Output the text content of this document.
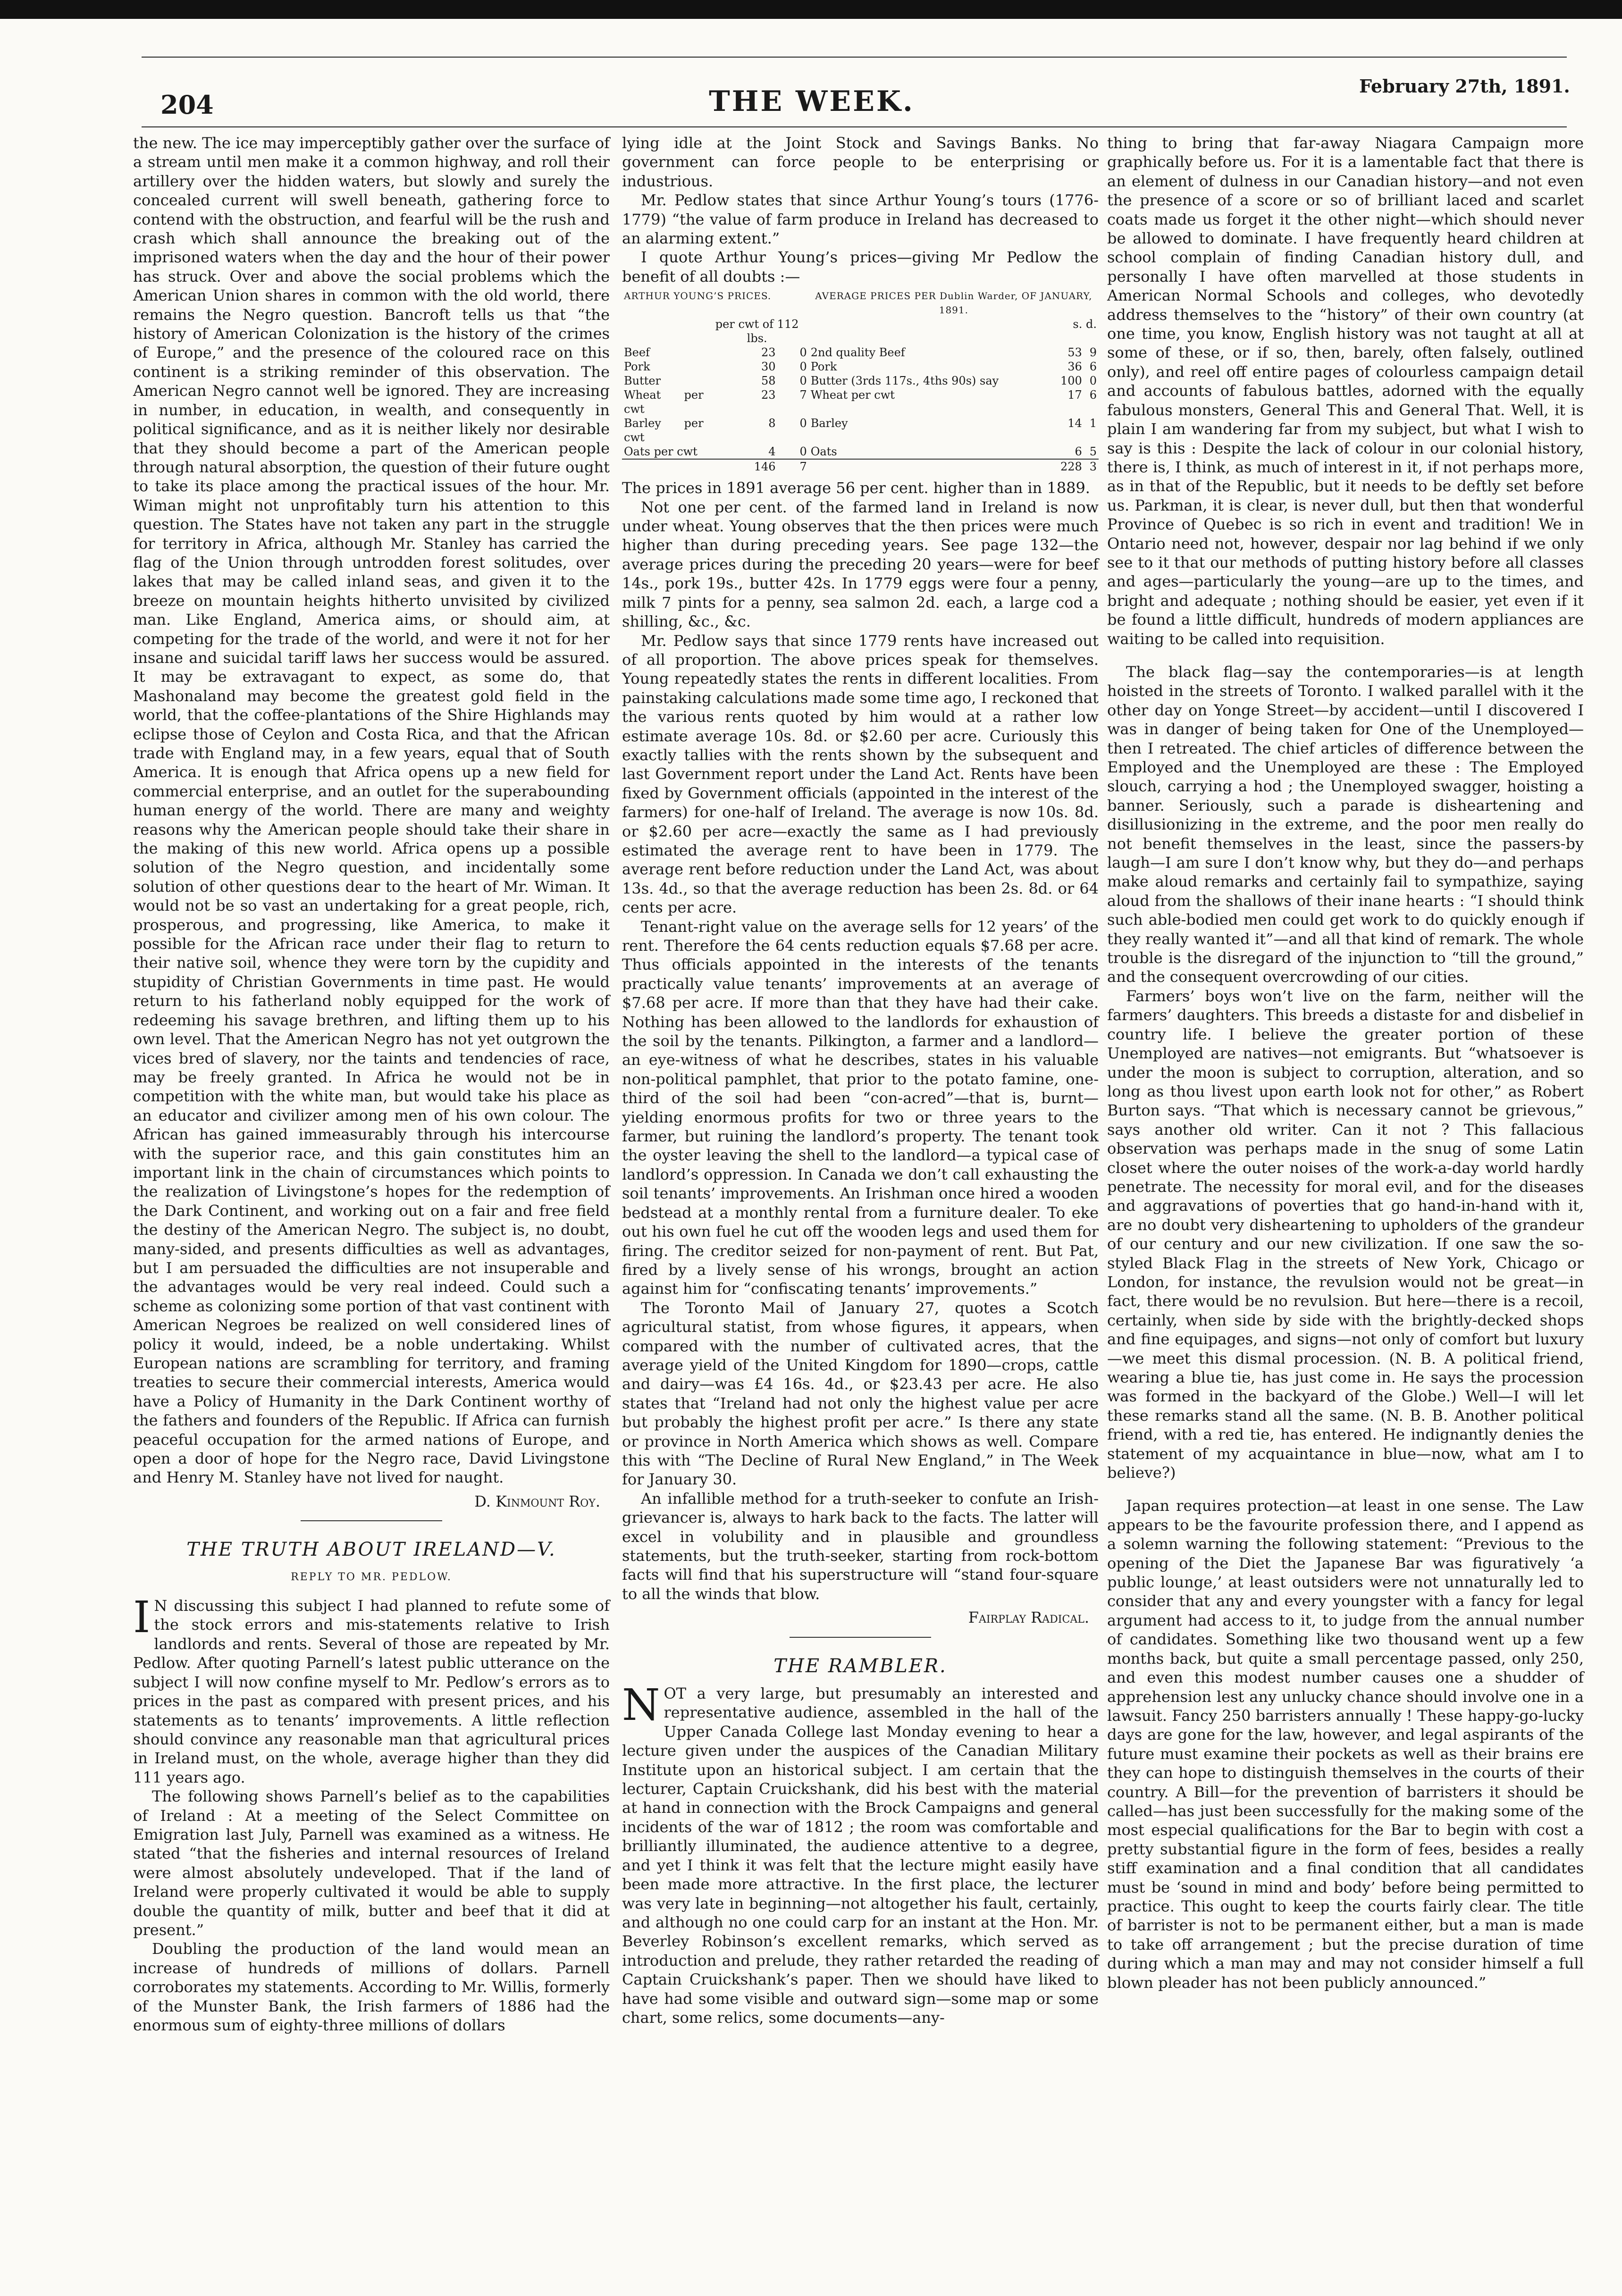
204	THE WEEK.	February 27th, 1891.

the new. The ice may imperceptibly gather over the surface of a stream until men make it a common highway, and roll their artillery over the hidden waters, but slowly and surely the concealed current will swell beneath, gathering force to contend with the obstruction, and fearful will be the rush and crash which shall announce the breaking out of the imprisoned waters when the day and the hour of their power has struck. Over and above the social problems which the American Union shares in common with the old world, there remains the Negro question. Bancroft tells us that “the history of American Colonization is the history of the crimes of Europe,” and the presence of the coloured race on this continent is a striking reminder of this observation. The American Negro cannot well be ignored. They are increasing in number, in education, in wealth, and consequently in political significance, and as it is neither likely nor desirable that they should become a part of the American people through natural absorption, the question of their future ought to take its place among the practical issues of the hour. Mr. Wiman might not unprofitably turn his attention to this question. The States have not taken any part in the struggle for territory in Africa, although Mr. Stanley has carried the flag of the Union through untrodden forest solitudes, over lakes that may be called inland seas, and given it to the breeze on mountain heights hitherto unvisited by civilized man. Like England, America aims, or should aim, at competing for the trade of the world, and were it not for her insane and suicidal tariff laws her success would be assured. It may be extravagant to expect, as some do, that Mashonaland may become the greatest gold field in the world, that the coffee-plantations of the Shire Highlands may eclipse those of Ceylon and Costa Rica, and that the African trade with England may, in a few years, equal that of South America. It is enough that Africa opens up a new field for commercial enterprise, and an outlet for the superabounding human energy of the world. There are many and weighty reasons why the American people should take their share in the making of this new world. Africa opens up a possible solution of the Negro question, and incidentally some solution of other questions dear to the heart of Mr. Wiman. It would not be so vast an undertaking for a great people, rich, prosperous, and progressing, like America, to make it possible for the African race under their flag to return to their native soil, whence they were torn by the cupidity and stupidity of Christian Governments in time past. He would return to his fatherland nobly equipped for the work of redeeming his savage brethren, and lifting them up to his own level. That the American Negro has not yet outgrown the vices bred of slavery, nor the taints and tendencies of race, may be freely granted. In Africa he would not be in competition with the white man, but would take his place as an educator and civilizer among men of his own colour. The African has gained immeasurably through his intercourse with the superior race, and this gain constitutes him an important link in the chain of circumstances which points to the realization of Livingstone’s hopes for the redemption of the Dark Continent, and working out on a fair and free field the destiny of the American Negro. The subject is, no doubt, many-sided, and presents difficulties as well as advantages, but I am persuaded the difficulties are not insuperable and the advantages would be very real indeed. Could such a scheme as colonizing some portion of that vast continent with American Negroes be realized on well considered lines of policy it would, indeed, be a noble undertaking. Whilst European nations are scrambling for territory, and framing treaties to secure their commercial interests, America would have a Policy of Humanity in the Dark Continent worthy of the fathers and founders of the Republic. If Africa can furnish peaceful occupation for the armed nations of Europe, and open a door of hope for the Negro race, David Livingstone and Henry M. Stanley have not lived for naught.

D. Kinmount Roy.
THE TRUTH ABOUT IRELAND—V.
REPLY TO MR. PEDLOW.

I N discussing this subject I had planned to refute some of the stock errors and mis-statements relative to Irish landlords and rents. Several of those are repeated by Mr. Pedlow. After quoting Parnell’s latest public utterance on the subject I will now confine myself to Mr. Pedlow’s errors as to prices in the past as compared with present prices, and his statements as to tenants’ improvements. A little reflection should convince any reasonable man that agricultural prices in Ireland must, on the whole, average higher than they did 111 years ago.

The following shows Parnell’s belief as to the capabilities of Ireland : At a meeting of the Select Committee on Emigration last July, Parnell was examined as a witness. He stated “that the fisheries and internal resources of Ireland were almost absolutely undeveloped. That if the land of Ireland were properly cultivated it would be able to supply double the quantity of milk, butter and beef that it did at present.”

Doubling the production of the land would mean an increase of hundreds of millions of dollars. Parnell corroborates my statements. According to Mr. Willis, formerly of the Munster Bank, the Irish farmers of 1886 had the enormous sum of eighty-three millions of dollars

lying idle at the Joint Stock and Savings Banks. No government can force people to be enterprising or industrious.

Mr. Pedlow states that since Arthur Young’s tours (1776-1779) “the value of farm produce in Ireland has decreased to an alarming extent.”

I quote Arthur Young’s prices—giving Mr Pedlow the benefit of all doubts :—

ARTHUR YOUNG’S PRICES.			AVERAGE PRICES PER Dublin Warder, OF JANUARY, 1891.		
	per cwt of 112 lbs.			s. d.	
Beef	23	0	2nd quality Beef	53	9
Pork	30	0	Pork	36	6
Butter	58	0	Butter (3rds 117s., 4ths 90s) say	100	0
Wheat per cwt	23	7	Wheat per cwt	17	6
Barley per cwt	8	0	Barley	14	1
Oats per cwt	4	0	Oats	6	5
	146	7		228	3

The prices in 1891 average 56 per cent. higher than in 1889.

Not one per cent. of the farmed land in Ireland is now under wheat. Young observes that the then prices were much higher than during preceding years. See page 132—the average prices during the preceding 20 years—were for beef 14s., pork 19s., butter 42s. In 1779 eggs were four a penny, milk 7 pints for a penny, sea salmon 2d. each, a large cod a shilling, &c., &c.

Mr. Pedlow says that since 1779 rents have increased out of all proportion. The above prices speak for themselves. Young repeatedly states the rents in different localities. From painstaking calculations made some time ago, I reckoned that the various rents quoted by him would at a rather low estimate average 10s. 8d. or $2.60 per acre. Curiously this exactly tallies with the rents shown by the subsequent and last Government report under the Land Act. Rents have been fixed by Government officials (appointed in the interest of the farmers) for one-half of Ireland. The average is now 10s. 8d. or $2.60 per acre—exactly the same as I had previously estimated the average rent to have been in 1779. The average rent before reduction under the Land Act, was about 13s. 4d., so that the average reduction has been 2s. 8d. or 64 cents per acre.

Tenant-right value on the average sells for 12 years’ of the rent. Therefore the 64 cents reduction equals $7.68 per acre. Thus officials appointed in the interests of the tenants practically value tenants’ improvements at an average of $7.68 per acre. If more than that they have had their cake. Nothing has been allowed to the landlords for exhaustion of the soil by the tenants. Pilkington, a farmer and a landlord—an eye-witness of what he describes, states in his valuable non-political pamphlet, that prior to the potato famine, one-third of the soil had been “con-acred”—that is, burnt—yielding enormous profits for two or three years to the farmer, but ruining the landlord’s property. The tenant took the oyster leaving the shell to the landlord—a typical case of landlord’s oppression. In Canada we don’t call exhausting the soil tenants’ improvements. An Irishman once hired a wooden bedstead at a monthly rental from a furniture dealer. To eke out his own fuel he cut off the wooden legs and used them for firing. The creditor seized for non-payment of rent. But Pat, fired by a lively sense of his wrongs, brought an action against him for “confiscating tenants’ improvements.”

The Toronto Mail of January 27, quotes a Scotch agricultural statist, from whose figures, it appears, when compared with the number of cultivated acres, that the average yield of the United Kingdom for 1890—crops, cattle and dairy—was £4 16s. 4d., or $23.43 per acre. He also states that “Ireland had not only the highest value per acre but probably the highest profit per acre.” Is there any state or province in North America which shows as well. Compare this with “The Decline of Rural New England,” in The Week for January 30.

An infallible method for a truth-seeker to confute an Irish-grievancer is, always to hark back to the facts. The latter will excel in volubility and in plausible and groundless statements, but the truth-seeker, starting from rock-bottom facts will find that his superstructure will “stand four-square to all the winds that blow.

Fairplay Radical.
THE RAMBLER.

NOT a very large, but presumably an interested and representative audience, assembled in the hall of the Upper Canada College last Monday evening to hear a lecture given under the auspices of the Canadian Military Institute upon an historical subject. I am certain that the lecturer, Captain Cruickshank, did his best with the material at hand in connection with the Brock Campaigns and general incidents of the war of 1812 ; the room was comfortable and brilliantly illuminated, the audience attentive to a degree, and yet I think it was felt that the lecture might easily have been made more attractive. In the first place, the lecturer was very late in beginning—not altogether his fault, certainly, and although no one could carp for an instant at the Hon. Mr. Beverley Robinson’s excellent remarks, which served as introduction and prelude, they rather retarded the reading of Captain Cruickshank’s paper. Then we should have liked to have had some visible and outward sign—some map or some chart, some relics, some documents—any-

thing to bring that far-away Niagara Campaign more graphically before us. For it is a lamentable fact that there is an element of dulness in our Canadian history—and not even the presence of a score or so of brilliant laced and scarlet coats made us forget it the other night—which should never be allowed to dominate. I have frequently heard children at school complain of finding Canadian history dull, and personally I have often marvelled at those students in American Normal Schools and colleges, who devotedly address themselves to the “history” of their own country (at one time, you know, English history was not taught at all at some of these, or if so, then, barely, often falsely, outlined only), and reel off entire pages of colourless campaign detail and accounts of fabulous battles, adorned with the equally fabulous monsters, General This and General That. Well, it is plain I am wandering far from my subject, but what I wish to say is this : Despite the lack of colour in our colonial history, there is, I think, as much of interest in it, if not perhaps more, as in that of the Republic, but it needs to be deftly set before us. Parkman, it is clear, is never dull, but then that wonderful Province of Quebec is so rich in event and tradition! We in Ontario need not, however, despair nor lag behind if we only see to it that our methods of putting history before all classes and ages—particularly the young—are up to the times, and bright and adequate ; nothing should be easier, yet even if it be found a little difficult, hundreds of modern appliances are waiting to be called into requisition.

The black flag—say the contemporaries—is at length hoisted in the streets of Toronto. I walked parallel with it the other day on Yonge Street—by accident—until I discovered I was in danger of being taken for One of the Unemployed—then I retreated. The chief articles of difference between the Employed and the Unemployed are these : The Employed slouch, carrying a hod ; the Unemployed swagger, hoisting a banner. Seriously, such a parade is disheartening and disillusionizing in the extreme, and the poor men really do not benefit themselves in the least, since the passers-by laugh—I am sure I don’t know why, but they do—and perhaps make aloud remarks and certainly fail to sympathize, saying aloud from the shallows of their inane hearts : “I should think such able-bodied men could get work to do quickly enough if they really wanted it”—and all that kind of remark. The whole trouble is the disregard of the injunction to “till the ground,” and the consequent overcrowding of our cities.

Farmers’ boys won’t live on the farm, neither will the farmers’ daughters. This breeds a distaste for and disbelief in country life. I believe the greater portion of these Unemployed are natives—not emigrants. But “whatsoever is under the moon is subject to corruption, alteration, and so long as thou livest upon earth look not for other,” as Robert Burton says. “That which is necessary cannot be grievous,” says another old writer. Can it not ? This fallacious observation was perhaps made in the snug of some Latin closet where the outer noises of the work-a-day world hardly penetrate. The necessity for moral evil, and for the diseases and aggravations of poverties that go hand-in-hand with it, are no doubt very disheartening to upholders of the grandeur of our century and our new civilization. If one saw the so-styled Black Flag in the streets of New York, Chicago or London, for instance, the revulsion would not be great—in fact, there would be no revulsion. But here—there is a recoil, certainly, when side by side with the brightly-decked shops and fine equipages, and signs—not only of comfort but luxury—we meet this dismal procession. (N. B. A political friend, wearing a blue tie, has just come in. He says the procession was formed in the backyard of the Globe.) Well—I will let these remarks stand all the same. (N. B. B. Another political friend, with a red tie, has entered. He indignantly denies the statement of my acquaintance in blue—now, what am I to believe?)

Japan requires protection—at least in one sense. The Law appears to be the favourite profession there, and I append as a solemn warning the following statement: “Previous to the opening of the Diet the Japanese Bar was figuratively ‘a public lounge,’ at least outsiders were not unnaturally led to consider that any and every youngster with a fancy for legal argument had access to it, to judge from the annual number of candidates. Something like two thousand went up a few months back, but quite a small percentage passed, only 250, and even this modest number causes one a shudder of apprehension lest any unlucky chance should involve one in a lawsuit. Fancy 250 barristers annually ! These happy-go-lucky days are gone for the law, however, and legal aspirants of the future must examine their pockets as well as their brains ere they can hope to distinguish themselves in the courts of their country. A Bill—for the prevention of barristers it should be called—has just been successfully for the making some of the most especial qualifications for the Bar to begin with cost a pretty substantial figure in the form of fees, besides a really stiff examination and a final condition that all candidates must be ‘sound in mind and body’ before being permitted to practice. This ought to keep the courts fairly clear. The title of barrister is not to be permanent either, but a man is made to take off arrangement ; but the precise duration of time during which a man may and may not consider himself a full blown pleader has not been publicly announced.”
